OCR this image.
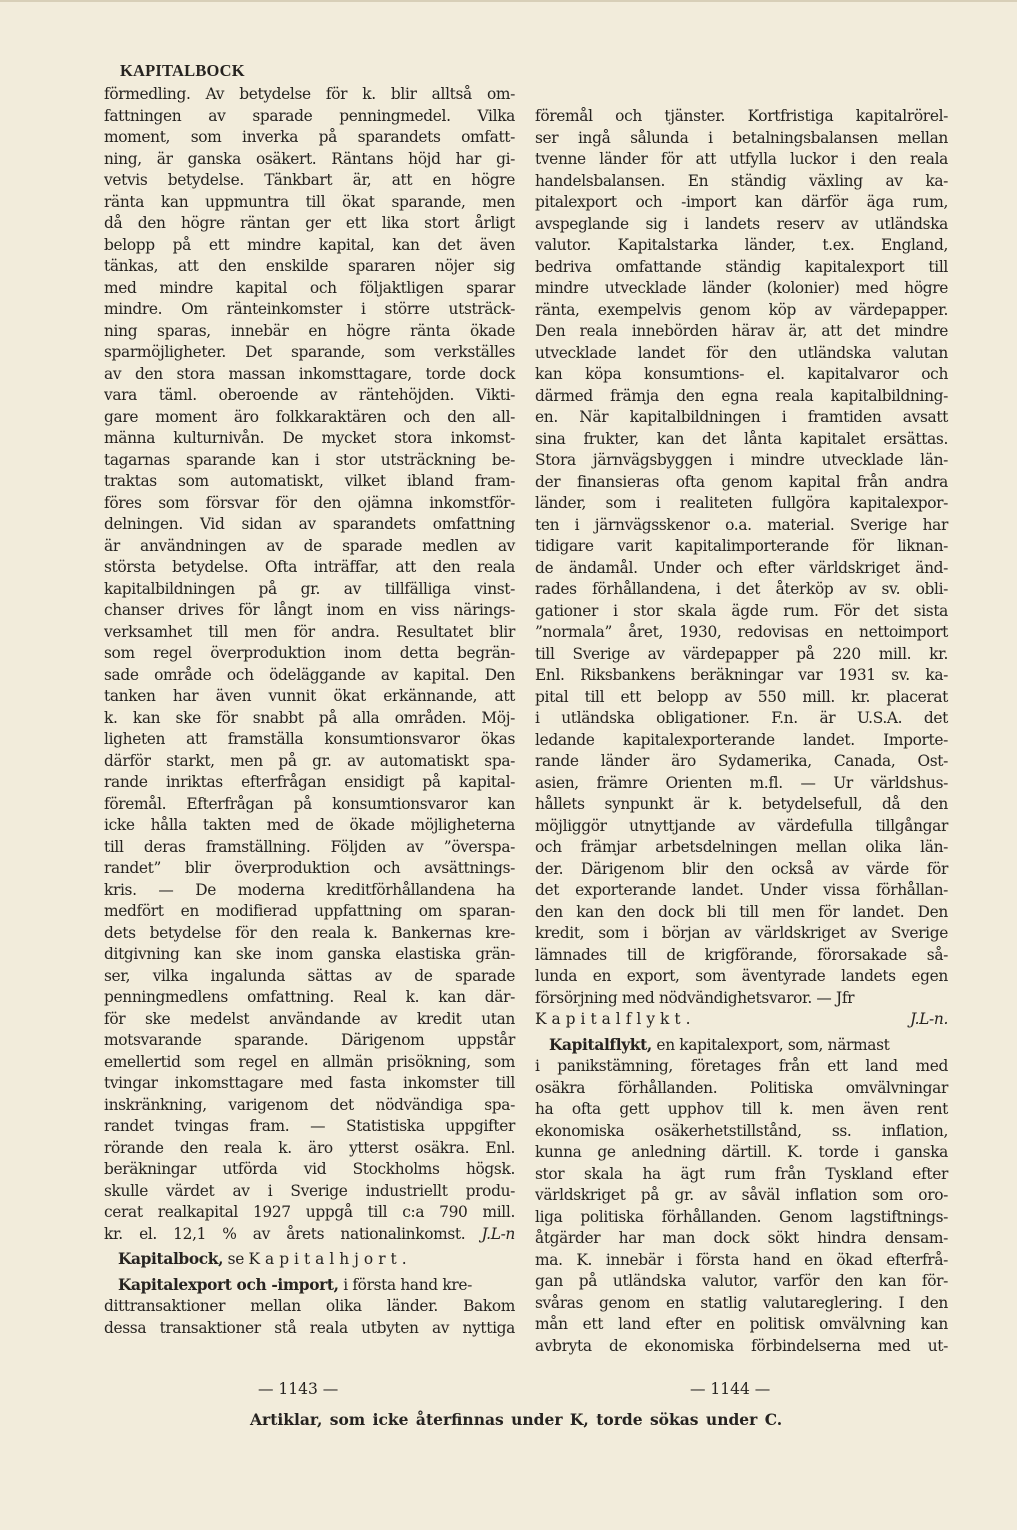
KAPITALBOCK
förmedling. Av betydelse för k. blir alltså om-
fattningen av sparade penningmedel. Vilka
moment, som inverka på sparandets omfatt-
ning, är ganska osäkert. Räntans höjd har gi-
vetvis betydelse. Tänkbart är, att en högre
ränta kan uppmuntra till ökat sparande, men
då den högre räntan ger ett lika stort årligt
belopp på ett mindre kapital, kan det även
tänkas, att den enskilde spararen nöjer sig
med mindre kapital och följaktligen sparar
mindre. Om ränteinkomster i större utsträck-
ning sparas, innebär en högre ränta ökade
sparmöjligheter. Det sparande, som verkställes
av den stora massan inkomsttagare, torde dock
vara täml. oberoende av räntehöjden. Vikti-
gare moment äro folkkaraktären och den all-
männa kulturnivån. De mycket stora inkomst-
tagarnas sparande kan i stor utsträckning be-
traktas som automatiskt, vilket ibland fram-
föres som försvar för den ojämna inkomstför-
delningen. Vid sidan av sparandets omfattning
är användningen av de sparade medlen av
största betydelse. Ofta inträffar, att den reala
kapitalbildningen på gr. av tillfälliga vinst-
chanser drives för långt inom en viss närings-
verksamhet till men för andra. Resultatet blir
som regel överproduktion inom detta begrän-
sade område och ödeläggande av kapital. Den
tanken har även vunnit ökat erkännande, att
k. kan ske för snabbt på alla områden. Möj-
ligheten att framställa konsumtionsvaror ökas
därför starkt, men på gr. av automatiskt spa-
rande inriktas efterfrågan ensidigt på kapital-
föremål. Efterfrågan på konsumtionsvaror kan
icke hålla takten med de ökade möjligheterna
till deras framställning. Följden av ”överspa-
randet” blir överproduktion och avsättnings-
kris. — De moderna kreditförhållandena ha
medfört en modifierad uppfattning om sparan-
dets betydelse för den reala k. Bankernas kre-
ditgivning kan ske inom ganska elastiska grän-
ser, vilka ingalunda sättas av de sparade
penningmedlens omfattning. Real k. kan där-
för ske medelst användande av kredit utan
motsvarande sparande. Därigenom uppstår
emellertid som regel en allmän prisökning, som
tvingar inkomsttagare med fasta inkomster till
inskränkning, varigenom det nödvändiga spa-
randet tvingas fram. — Statistiska uppgifter
rörande den reala k. äro ytterst osäkra. Enl.
beräkningar utförda vid Stockholms högsk.
skulle värdet av i Sverige industriellt produ-
cerat realkapital 1927 uppgå till c:a 790 mill.
kr. el. 12,1 % av årets nationalinkomst. J.L-n
Kapitalbock, se Kapitalhjort.
Kapitalexport och -import, i första hand kre-
dittransaktioner mellan olika länder. Bakom
dessa transaktioner stå reala utbyten av nyttiga
föremål och tjänster. Kortfristiga kapitalrörel-
ser ingå sålunda i betalningsbalansen mellan
tvenne länder för att utfylla luckor i den reala
handelsbalansen. En ständig växling av ka-
pitalexport och -import kan därför äga rum,
avspeglande sig i landets reserv av utländska
valutor. Kapitalstarka länder, t.ex. England,
bedriva omfattande ständig kapitalexport till
mindre utvecklade länder (kolonier) med högre
ränta, exempelvis genom köp av värdepapper.
Den reala innebörden härav är, att det mindre
utvecklade landet för den utländska valutan
kan köpa konsumtions- el. kapitalvaror och
därmed främja den egna reala kapitalbildning-
en. När kapitalbildningen i framtiden avsatt
sina frukter, kan det lånta kapitalet ersättas.
Stora järnvägsbyggen i mindre utvecklade län-
der finansieras ofta genom kapital från andra
länder, som i realiteten fullgöra kapitalexpor-
ten i järnvägsskenor o.a. material. Sverige har
tidigare varit kapitalimporterande för liknan-
de ändamål. Under och efter världskriget änd-
rades förhållandena, i det återköp av sv. obli-
gationer i stor skala ägde rum. För det sista
”normala” året, 1930, redovisas en nettoimport
till Sverige av värdepapper på 220 mill. kr.
Enl. Riksbankens beräkningar var 1931 sv. ka-
pital till ett belopp av 550 mill. kr. placerat
i utländska obligationer. F.n. är U.S.A. det
ledande kapitalexporterande landet. Importe-
rande länder äro Sydamerika, Canada, Ost-
asien, främre Orienten m.fl. — Ur världshus-
hållets synpunkt är k. betydelsefull, då den
möjliggör utnyttjande av värdefulla tillgångar
och främjar arbetsdelningen mellan olika län-
der. Därigenom blir den också av värde för
det exporterande landet. Under vissa förhållan-
den kan den dock bli till men för landet. Den
kredit, som i början av världskriget av Sverige
lämnades till de krigförande, förorsakade så-
lunda en export, som äventyrade landets egen
försörjning med nödvändighetsvaror. — Jfr
Kapitalflykt.	J.L-n.
Kapitalflykt, en kapitalexport, som, närmast
i panikstämning, företages från ett land med
osäkra förhållanden. Politiska omvälvningar
ha ofta gett upphov till k. men även rent
ekonomiska osäkerhetstillstånd, ss. inflation,
kunna ge anledning därtill. K. torde i ganska
stor skala ha ägt rum från Tyskland efter
världskriget på gr. av såväl inflation som oro-
liga politiska förhållanden. Genom lagstiftnings-
åtgärder har man dock sökt hindra densam-
ma. K. innebär i första hand en ökad efterfrå-
gan på utländska valutor, varför den kan för-
svåras genom en statlig valutareglering. I den
mån ett land efter en politisk omvälvning kan
avbryta de ekonomiska förbindelserna med ut-
— 1143 —	— 1144 —
Artiklar, som icke återfinnas under K, torde sökas under C.
